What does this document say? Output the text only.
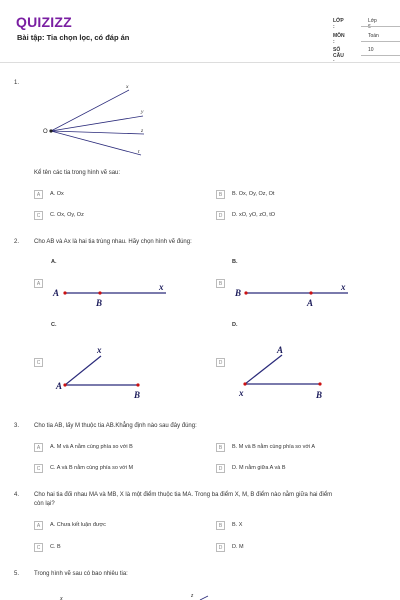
QUIZIZZ
Bài tập: Tia chọn lọc, có đáp án
LỚP :
Lớp 6
MÔN :
Toán
SỐ CÂU :
10
1.
O
x
y
z
t
Kể tên các tia trong hình vẽ sau:
A	A. Ox	B	B. Ox, Oy, Oz, Ot
C	C. Ox, Oy, Oz	D	D. xO, yO, zO, tO
2. Cho AB và Ax là hai tia trùng nhau. Hãy chọn hình vẽ đúng:
A.	B.
C.	D.
A	B
C	D
A
B
x
B
A
x
x
A
B
A
x	B
3. Cho tia AB, lấy M thuộc tia AB.Khẳng định nào sau đây đúng:
A	A. M và A nằm cùng phía so với B	B	B. M và B nằm cùng phía so với A
C	C. A và B nằm cùng phía so với M	D	D. M nằm giữa A và B
4. Cho hai tia đối nhau MA và MB, X là một điểm thuộc tia MA. Trong ba điểm X, M, B điểm nào nằm giữa hai điểm
còn lại?
A	A. Chưa kết luận được	B	B. X
C	C. B	D	D. M
5. Trong hình vẽ sau có bao nhiêu tia:
x	z
